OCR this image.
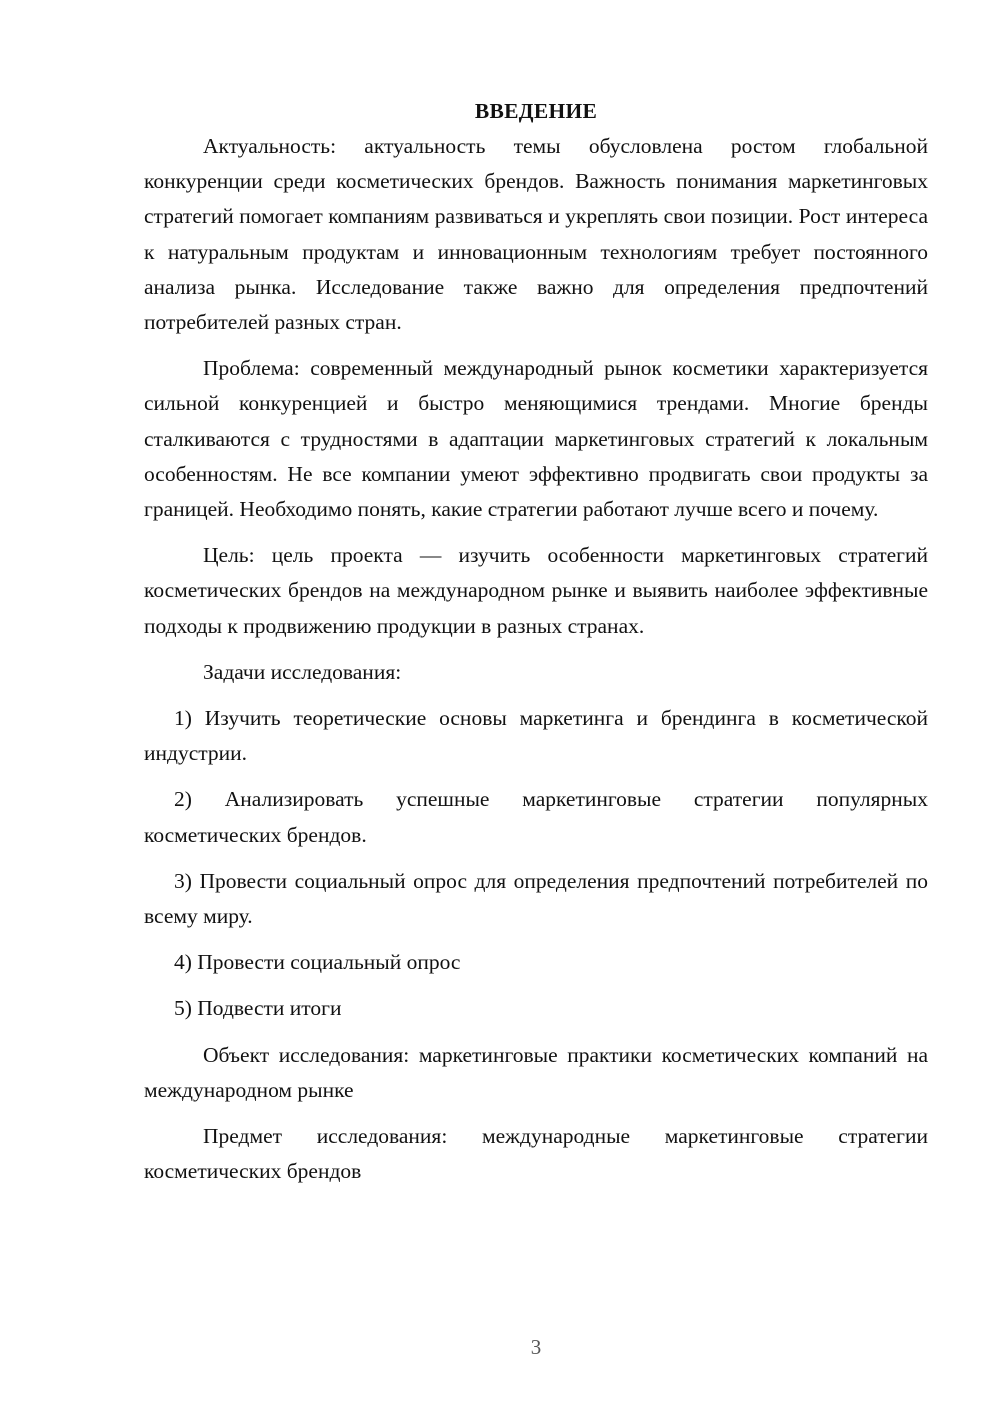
ВВЕДЕНИЕ

Актуальность: актуальность темы обусловлена ростом глобальной конкуренции среди косметических брендов. Важность понимания маркетинговых стратегий помогает компаниям развиваться и укреплять свои позиции. Рост интереса к натуральным продуктам и инновационным технологиям требует постоянного анализа рынка. Исследование также важно для определения предпочтений потребителей разных стран.

Проблема: современный международный рынок косметики характеризуется сильной конкуренцией и быстро меняющимися трендами. Многие бренды сталкиваются с трудностями в адаптации маркетинговых стратегий к локальным особенностям. Не все компании умеют эффективно продвигать свои продукты за границей. Необходимо понять, какие стратегии работают лучше всего и почему.

Цель: цель проекта — изучить особенности маркетинговых стратегий косметических брендов на международном рынке и выявить наиболее эффективные подходы к продвижению продукции в разных странах.

Задачи исследования:

1) Изучить теоретические основы маркетинга и брендинга в косметической индустрии.

2) Анализировать успешные маркетинговые стратегии популярных косметических брендов.

3) Провести социальный опрос для определения предпочтений потребителей по всему миру.

4) Провести социальный опрос

5) Подвести итоги

Объект исследования: маркетинговые практики косметических компаний на международном рынке

Предмет исследования: международные маркетинговые стратегии косметических брендов

3
